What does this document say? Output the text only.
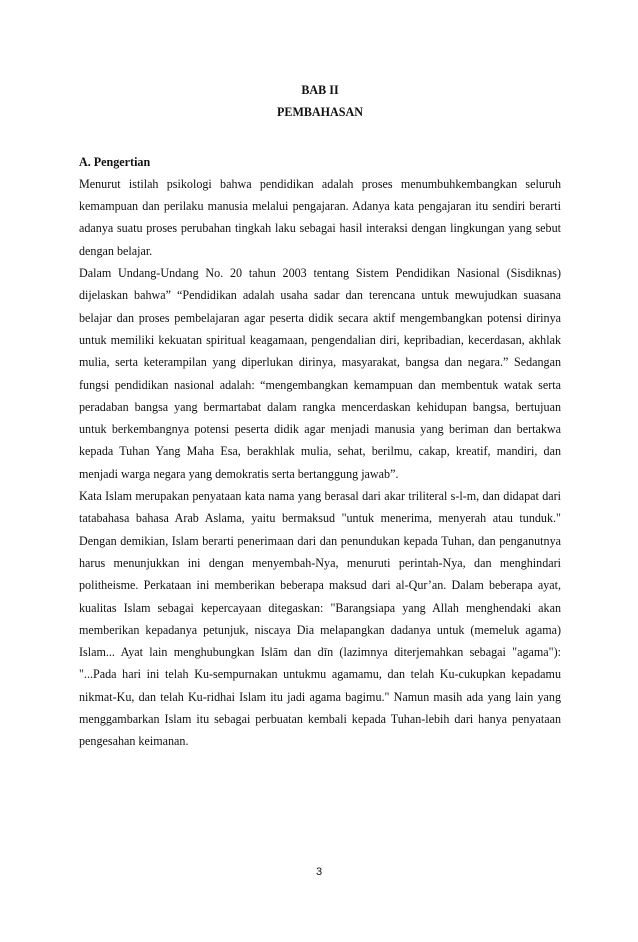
BAB II
PEMBAHASAN
A. Pengertian

Menurut istilah psikologi bahwa pendidikan adalah proses menumbuhkembangkan seluruh kemampuan dan perilaku manusia melalui pengajaran. Adanya kata pengajaran itu sendiri berarti adanya suatu proses perubahan tingkah laku sebagai hasil interaksi dengan lingkungan yang sebut dengan belajar.

Dalam Undang-Undang No. 20 tahun 2003 tentang Sistem Pendidikan Nasional (Sisdiknas) dijelaskan bahwa” “Pendidikan adalah usaha sadar dan terencana untuk mewujudkan suasana belajar dan proses pembelajaran agar peserta didik secara aktif mengembangkan potensi dirinya untuk memiliki kekuatan spiritual keagamaan, pengendalian diri, kepribadian, kecerdasan, akhlak mulia, serta keterampilan yang diperlukan dirinya, masyarakat, bangsa dan negara.” Sedangan fungsi pendidikan nasional adalah: “mengembangkan kemampuan dan membentuk watak serta peradaban bangsa yang bermartabat dalam rangka mencerdaskan kehidupan bangsa, bertujuan untuk berkembangnya potensi peserta didik agar menjadi manusia yang beriman dan bertakwa kepada Tuhan Yang Maha Esa, berakhlak mulia, sehat, berilmu, cakap, kreatif, mandiri, dan menjadi warga negara yang demokratis serta bertanggung jawab”.

Kata Islam merupakan penyataan kata nama yang berasal dari akar triliteral s-l-m, dan didapat dari tatabahasa bahasa Arab Aslama, yaitu bermaksud "untuk menerima, menyerah atau tunduk." Dengan demikian, Islam berarti penerimaan dari dan penundukan kepada Tuhan, dan penganutnya harus menunjukkan ini dengan menyembah-Nya, menuruti perintah-Nya, dan menghindari politheisme. Perkataan ini memberikan beberapa maksud dari al-Qur’an. Dalam beberapa ayat, kualitas Islam sebagai kepercayaan ditegaskan: "Barangsiapa yang Allah menghendaki akan memberikan kepadanya petunjuk, niscaya Dia melapangkan dadanya untuk (memeluk agama) Islam... Ayat lain menghubungkan Islām dan dīn (lazimnya diterjemahkan sebagai "agama"): "...Pada hari ini telah Ku-sempurnakan untukmu agamamu, dan telah Ku-cukupkan kepadamu nikmat-Ku, dan telah Ku-ridhai Islam itu jadi agama bagimu." Namun masih ada yang lain yang menggambarkan Islam itu sebagai perbuatan kembali kepada Tuhan-lebih dari hanya penyataan pengesahan keimanan.

3
